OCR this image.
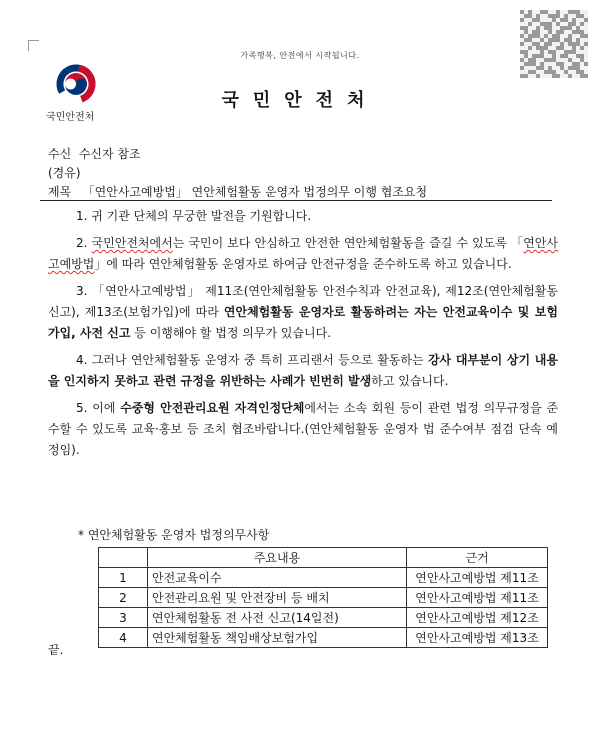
가족행복, 안전에서 시작됩니다.
국민안전처
국민안전처
수신 수신자 참조
(경유)
제목 「연안사고예방법」 연안체험활동 운영자 법정의무 이행 협조요청

1. 귀 기관 단체의 무궁한 발전을 기원합니다.

2. 국민안전처에서는 국민이 보다 안심하고 안전한 연안체험활동을 즐길 수 있도록 「연안사고예방법」에 따라 연안체험활동 운영자로 하여금 안전규정을 준수하도록 하고 있습니다.

3. 「연안사고예방법」 제11조(연안체험활동 안전수칙과 안전교육), 제12조(연안체험활동신고), 제13조(보험가입)에 따라 연안체험활동 운영자로 활동하려는 자는 안전교육이수 및 보험가입, 사전 신고 등 이행해야 할 법정 의무가 있습니다.

4. 그러나 연안체험활동 운영자 중 특히 프리랜서 등으로 활동하는 강사 대부분이 상기 내용을 인지하지 못하고 관련 규정을 위반하는 사례가 빈번히 발생하고 있습니다.

5. 이에 수중형 안전관리요원 자격인정단체에서는 소속 회원 등이 관련 법정 의무규정을 준수할 수 있도록 교육·홍보 등 조치 협조바랍니다.(연안체험활동 운영자 법 준수여부 점검 단속 예정임).

* 연안체험활동 운영자 법정의무사항
	주요내용	근거
1	안전교육이수	연안사고예방법 제11조
2	안전관리요원 및 안전장비 등 배치	연안사고예방법 제11조
3	연안체험활동 전 사전 신고(14일전)	연안사고예방법 제12조
4	연안체험활동 책임배상보험가입	연안사고예방법 제13조
끝.
